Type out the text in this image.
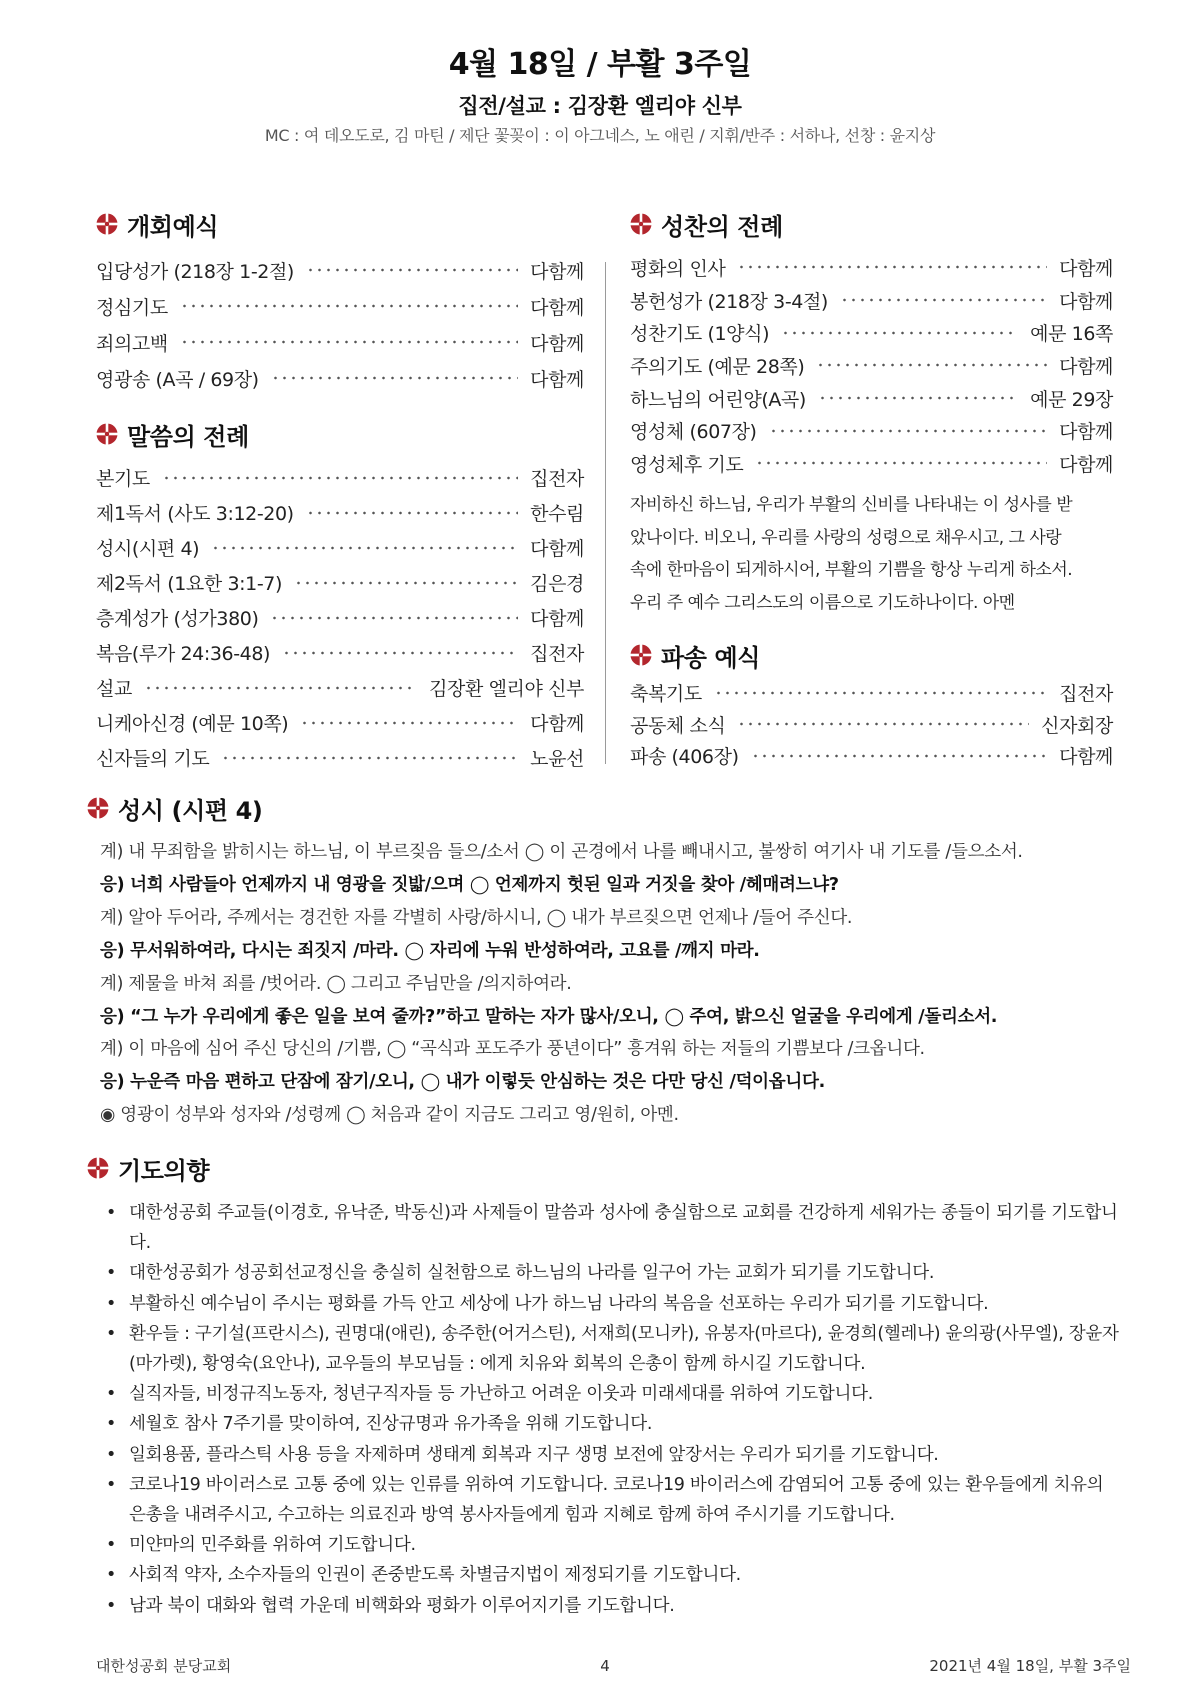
4월 18일 / 부활 3주일
집전/설교 : 김장환 엘리야 신부
MC : 여 데오도로, 김 마틴 / 제단 꽃꽂이 : 이 아그네스, 노 애린 / 지휘/반주 : 서하나, 선창 : 윤지상
개회예식
입당성가 (218장 1-2절)	다함께
정심기도	다함께
죄의고백	다함께
영광송 (A곡 / 69장)	다함께
말씀의 전례
본기도	집전자
제1독서 (사도 3:12-20)	한수림
성시(시편 4)	다함께
제2독서 (1요한 3:1-7)	김은경
층계성가 (성가380)	다함께
복음(루가 24:36-48)	집전자
설교	김장환 엘리야 신부
니케아신경 (예문 10쪽)	다함께
신자들의 기도	노윤선
성찬의 전례
평화의 인사	다함께
봉헌성가 (218장 3-4절)	다함께
성찬기도 (1양식)	예문 16쪽
주의기도 (예문 28쪽)	다함께
하느님의 어린양(A곡)	예문 29장
영성체 (607장)	다함께
영성체후 기도	다함께
자비하신 하느님, 우리가 부활의 신비를 나타내는 이 성사를 받
았나이다. 비오니, 우리를 사랑의 성령으로 채우시고, 그 사랑
속에 한마음이 되게하시어, 부활의 기쁨을 항상 누리게 하소서.
우리 주 예수 그리스도의 이름으로 기도하나이다. 아멘
파송 예식
축복기도	집전자
공동체 소식	신자회장
파송 (406장)	다함께
성시 (시편 4)
계) 내 무죄함을 밝히시는 하느님, 이 부르짖음 들으/소서 ◯ 이 곤경에서 나를 빼내시고, 불쌍히 여기사 내 기도를 /들으소서.
응) 너희 사람들아 언제까지 내 영광을 짓밟/으며 ◯ 언제까지 헛된 일과 거짓을 찾아 /헤매려느냐?
계) 알아 두어라, 주께서는 경건한 자를 각별히 사랑/하시니, ◯ 내가 부르짖으면 언제나 /들어 주신다.
응) 무서워하여라, 다시는 죄짓지 /마라. ◯ 자리에 누워 반성하여라, 고요를 /깨지 마라.
계) 제물을 바쳐 죄를 /벗어라. ◯ 그리고 주님만을 /의지하여라.
응) “그 누가 우리에게 좋은 일을 보여 줄까?”하고 말하는 자가 많사/오니, ◯ 주여, 밝으신 얼굴을 우리에게 /돌리소서.
계) 이 마음에 심어 주신 당신의 /기쁨, ◯ “곡식과 포도주가 풍년이다” 흥겨워 하는 저들의 기쁨보다 /크옵니다.
응) 누운즉 마음 편하고 단잠에 잠기/오니, ◯ 내가 이렇듯 안심하는 것은 다만 당신 /덕이옵니다.
◉ 영광이 성부와 성자와 /성령께 ◯ 처음과 같이 지금도 그리고 영/원히, 아멘.
기도의향
• 대한성공회 주교들(이경호, 유낙준, 박동신)과 사제들이 말씀과 성사에 충실함으로 교회를 건강하게 세워가는 종들이 되기를 기도합니다.
• 대한성공회가 성공회선교정신을 충실히 실천함으로 하느님의 나라를 일구어 가는 교회가 되기를 기도합니다.
• 부활하신 예수님이 주시는 평화를 가득 안고 세상에 나가 하느님 나라의 복음을 선포하는 우리가 되기를 기도합니다.
• 환우들 : 구기설(프란시스), 권명대(애린), 송주한(어거스틴), 서재희(모니카), 유봉자(마르다), 윤경희(헬레나) 윤의광(사무엘), 장윤자(마가렛), 황영숙(요안나), 교우들의 부모님들 : 에게 치유와 회복의 은총이 함께 하시길 기도합니다.
• 실직자들, 비정규직노동자, 청년구직자들 등 가난하고 어려운 이웃과 미래세대를 위하여 기도합니다.
• 세월호 참사 7주기를 맞이하여, 진상규명과 유가족을 위해 기도합니다.
• 일회용품, 플라스틱 사용 등을 자제하며 생태계 회복과 지구 생명 보전에 앞장서는 우리가 되기를 기도합니다.
• 코로나19 바이러스로 고통 중에 있는 인류를 위하여 기도합니다. 코로나19 바이러스에 감염되어 고통 중에 있는 환우들에게 치유의 은총을 내려주시고, 수고하는 의료진과 방역 봉사자들에게 힘과 지혜로 함께 하여 주시기를 기도합니다.
• 미얀마의 민주화를 위하여 기도합니다.
• 사회적 약자, 소수자들의 인권이 존중받도록 차별금지법이 제정되기를 기도합니다.
• 남과 북이 대화와 협력 가운데 비핵화와 평화가 이루어지기를 기도합니다.
대한성공회 분당교회	4	2021년 4월 18일, 부활 3주일
